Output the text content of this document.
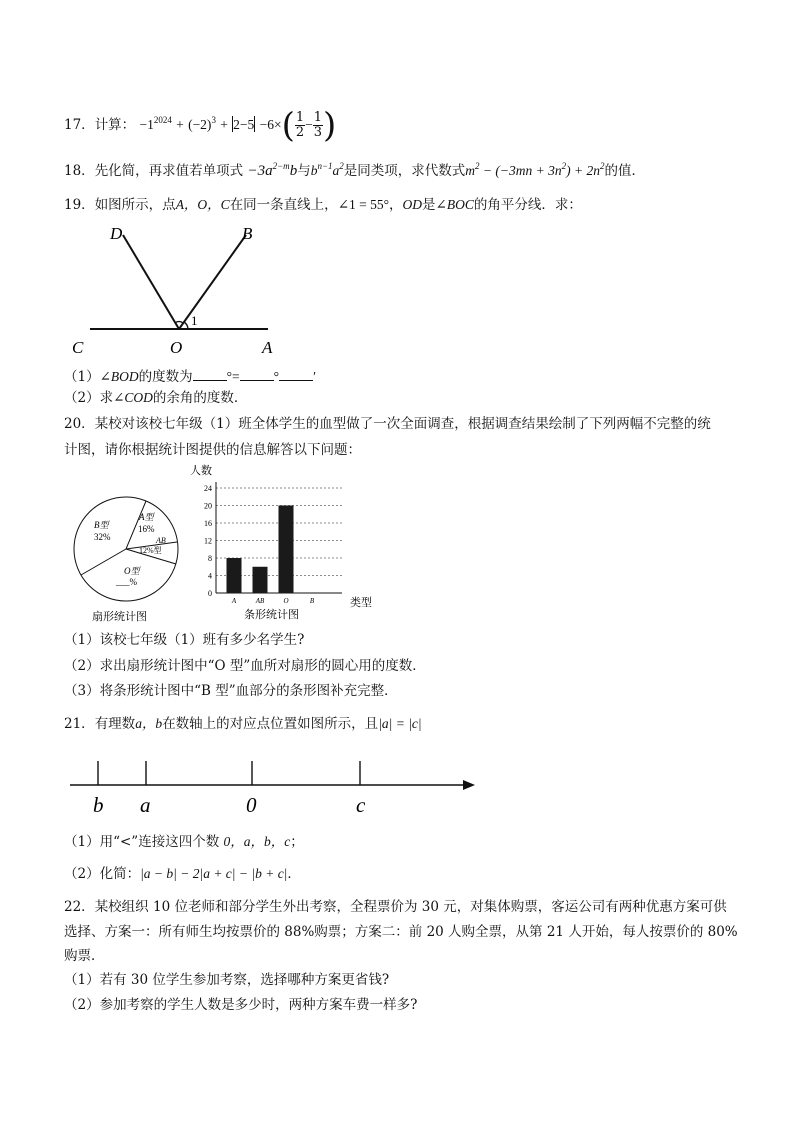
17．计算： $-1^{2024} + (-2)^3 + 2-5 -6\times( \frac{1}{2} - \frac{1}{3}$ )
18．先化简，再求值若单项式 $-3a^{2-m}b$与$b^{n-1}a^2$是同类项，求代数式$m^2 - (-3mn + 3n^2) + 2n^2$的值．
19．如图所示，点A，O，C在同一条直线上，∠1 = 55°，OD是∠BOC的角平分线．求：
D	B
1
C	O	A
（1）∠BOD的度数为	°=	°	′
（2）求∠COD的余角的度数．
20．某校对该校七年级（1）班全体学生的血型做了一次全面调查，根据调查结果绘制了下列两幅不完整的统
计图，请你根据统计图提供的信息解答以下问题：
B型
32%
A型
16%
AB
12%型
O型
___%
扇形统计图
人数
0
4
8
12
16
20
24
A	AB	O	B	类型
条形统计图
（1）该校七年级（1）班有多少名学生?
（2）求出扇形统计图中“O 型”血所对扇形的圆心用的度数．
（3）将条形统计图中“B 型”血部分的条形图补充完整．
21．有理数a，b在数轴上的对应点位置如图所示，且|a| = |c|
b a	0	c
（1）用“<”连接这四个数 0，a，b，c；
（2）化简：|a − b| − 2|a + c| − |b + c|．
22．某校组织 10 位老师和部分学生外出考察，全程票价为 30 元，对集体购票，客运公司有两种优惠方案可供
选择、方案一：所有师生均按票价的 88%购票；方案二：前 20 人购全票，从第 21 人开始，每人按票价的 80%
购票．
（1）若有 30 位学生参加考察，选择哪种方案更省钱?
（2）参加考察的学生人数是多少时，两种方案车费一样多?
